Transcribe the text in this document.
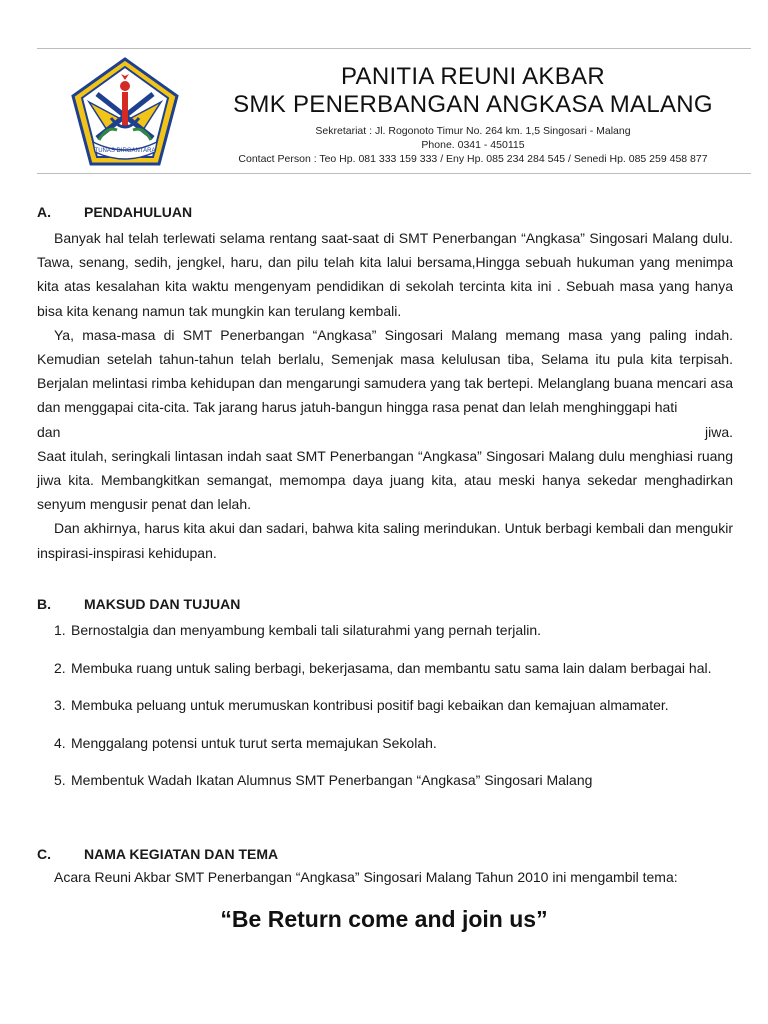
TUNAS DIRGANTARA
PANITIA REUNI AKBAR
SMK PENERBANGAN ANGKASA MALANG
Sekretariat : Jl. Rogonoto Timur No. 264 km. 1,5 Singosari - Malang
Phone. 0341 - 450115
Contact Person : Teo Hp. 081 333 159 333 / Eny Hp. 085 234 284 545 / Senedi Hp. 085 259 458 877
A.	PENDAHULUAN

Banyak hal telah terlewati selama rentang saat-saat di SMT Penerbangan “Angkasa” Singosari Malang dulu. Tawa, senang, sedih, jengkel, haru, dan pilu telah kita lalui bersama,Hingga sebuah hukuman yang menimpa kita atas kesalahan kita waktu mengenyam pendidikan di sekolah tercinta kita ini . Sebuah masa yang hanya bisa kita kenang namun tak mungkin kan terulang kembali.

Ya, masa-masa di SMT Penerbangan “Angkasa” Singosari Malang memang masa yang paling indah. Kemudian setelah tahun-tahun telah berlalu, Semenjak masa kelulusan tiba, Selama itu pula kita terpisah. Berjalan melintasi rimba kehidupan dan mengarungi samudera yang tak bertepi. Melanglang buana mencari asa dan menggapai cita-cita. Tak jarang harus jatuh-bangun hingga rasa penat dan lelah menghinggapi hati

dan	jiwa.

Saat itulah, seringkali lintasan indah saat SMT Penerbangan “Angkasa” Singosari Malang dulu menghiasi ruang jiwa kita. Membangkitkan semangat, memompa daya juang kita, atau meski hanya sekedar menghadirkan senyum mengusir penat dan lelah.

Dan akhirnya, harus kita akui dan sadari, bahwa kita saling merindukan. Untuk berbagi kembali dan mengukir inspirasi-inspirasi kehidupan.

B.	MAKSUD DAN TUJUAN
1. Bernostalgia dan menyambung kembali tali silaturahmi yang pernah terjalin.
2. Membuka ruang untuk saling berbagi, bekerjasama, dan membantu satu sama lain dalam berbagai hal.
3. Membuka peluang untuk merumuskan kontribusi positif bagi kebaikan dan kemajuan almamater.
4. Menggalang potensi untuk turut serta memajukan Sekolah.
5. Membentuk Wadah Ikatan Alumnus SMT Penerbangan “Angkasa” Singosari Malang
C.	NAMA KEGIATAN DAN TEMA

Acara Reuni Akbar SMT Penerbangan “Angkasa” Singosari Malang Tahun 2010 ini mengambil tema:

“Be Return come and join us”
